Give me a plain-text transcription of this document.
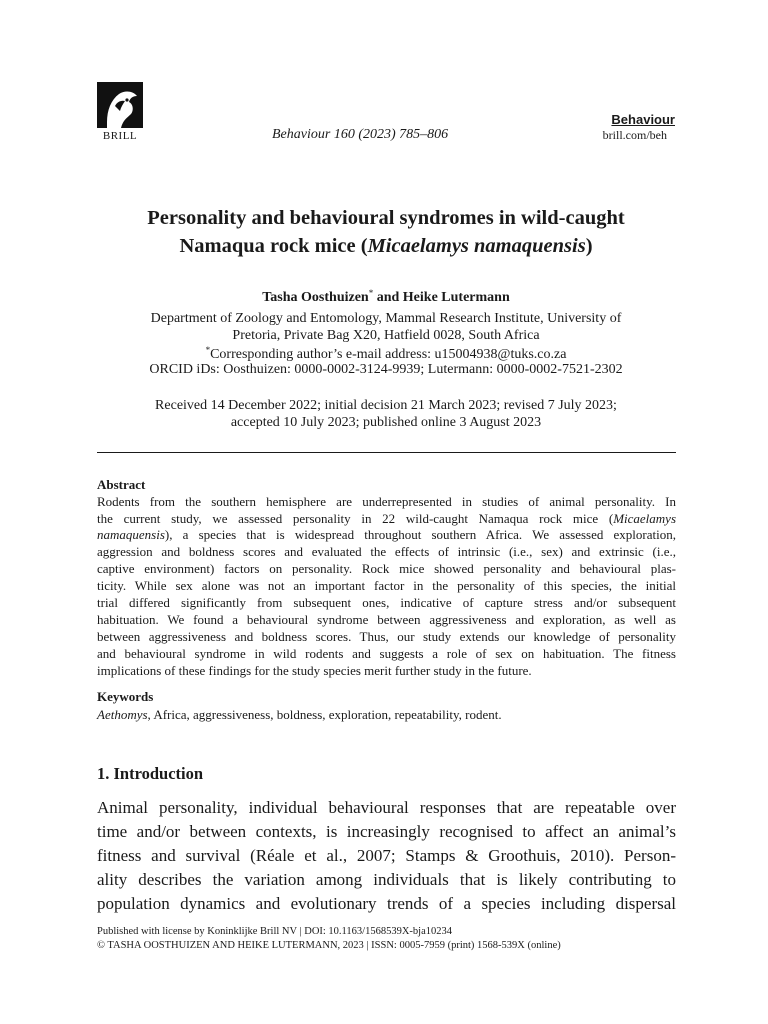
BRILL	Behaviour 160 (2023) 785–806
Behaviour
brill.com/beh
Personality and behavioural syndromes in wild-caught
Namaqua rock mice (Micaelamys namaquensis)
Tasha Oosthuizen* and Heike Lutermann
Department of Zoology and Entomology, Mammal Research Institute, University of
Pretoria, Private Bag X20, Hatfield 0028, South Africa
*Corresponding author’s e-mail address: u15004938@tuks.co.za
ORCID iDs: Oosthuizen: 0000-0002-3124-9939; Lutermann: 0000-0002-7521-2302
Received 14 December 2022; initial decision 21 March 2023; revised 7 July 2023;
accepted 10 July 2023; published online 3 August 2023
Abstract
Rodents from the southern hemisphere are underrepresented in studies of animal personality. In
the current study, we assessed personality in 22 wild-caught Namaqua rock mice (Micaelamys
namaquensis), a species that is widespread throughout southern Africa. We assessed exploration,
aggression and boldness scores and evaluated the effects of intrinsic (i.e., sex) and extrinsic (i.e.,
captive environment) factors on personality. Rock mice showed personality and behavioural plas-
ticity. While sex alone was not an important factor in the personality of this species, the initial
trial differed significantly from subsequent ones, indicative of capture stress and/or subsequent
habituation. We found a behavioural syndrome between aggressiveness and exploration, as well as
between aggressiveness and boldness scores. Thus, our study extends our knowledge of personality
and behavioural syndrome in wild rodents and suggests a role of sex on habituation. The fitness
implications of these findings for the study species merit further study in the future.
Keywords
Aethomys, Africa, aggressiveness, boldness, exploration, repeatability, rodent.
1. Introduction
Animal personality, individual behavioural responses that are repeatable over
time and/or between contexts, is increasingly recognised to affect an animal’s
fitness and survival (Réale et al., 2007; Stamps & Groothuis, 2010). Person-
ality describes the variation among individuals that is likely contributing to
population dynamics and evolutionary trends of a species including dispersal
Published with license by Koninklijke Brill NV | DOI: 10.1163/1568539X-bja10234
© TASHA OOSTHUIZEN AND HEIKE LUTERMANN, 2023 | ISSN: 0005-7959 (print) 1568-539X (online)
